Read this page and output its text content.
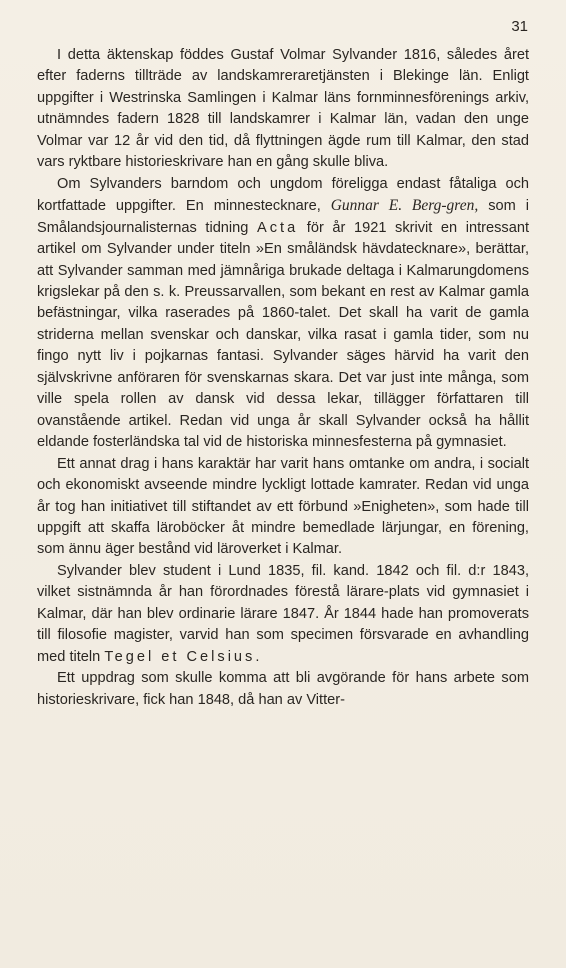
31

I detta äktenskap föddes Gustaf Volmar Sylvander 1816, således året efter faderns tillträde av landskamreraretjänsten i Blekinge län. Enligt uppgifter i Westrinska Samlingen i Kalmar läns fornminnesförenings arkiv, utnämndes fadern 1828 till landskamrer i Kalmar län, vadan den unge Volmar var 12 år vid den tid, då flyttningen ägde rum till Kalmar, den stad vars ryktbare historieskrivare han en gång skulle bliva.

Om Sylvanders barndom och ungdom föreligga endast fåtaliga och kortfattade uppgifter. En minnestecknare, Gunnar E. Berg-gren, som i Smålandsjournalisternas tidning Acta för år 1921 skrivit en intressant artikel om Sylvander under titeln »En småländsk hävdatecknare», berättar, att Sylvander samman med jämnåriga brukade deltaga i Kalmarungdomens krigslekar på den s. k. Preussarvallen, som bekant en rest av Kalmar gamla befästningar, vilka raserades på 1860-talet. Det skall ha varit de gamla striderna mellan svenskar och danskar, vilka rasat i gamla tider, som nu fingo nytt liv i pojkarnas fantasi. Sylvander säges härvid ha varit den självskrivne anföraren för svenskarnas skara. Det var just inte många, som ville spela rollen av dansk vid dessa lekar, tillägger författaren till ovanstående artikel. Redan vid unga år skall Sylvander också ha hållit eldande fosterländska tal vid de historiska minnesfesterna på gymnasiet.

Ett annat drag i hans karaktär har varit hans omtanke om andra, i socialt och ekonomiskt avseende mindre lyckligt lottade kamrater. Redan vid unga år tog han initiativet till stiftandet av ett förbund »Enigheten», som hade till uppgift att skaffa läroböcker åt mindre bemedlade lärjungar, en förening, som ännu äger bestånd vid läroverket i Kalmar.

Sylvander blev student i Lund 1835, fil. kand. 1842 och fil. d:r 1843, vilket sistnämnda år han förordnades förestå lärare-plats vid gymnasiet i Kalmar, där han blev ordinarie lärare 1847. År 1844 hade han promoverats till filosofie magister, varvid han som specimen försvarade en avhandling med titeln Tegel et Celsius.

Ett uppdrag som skulle komma att bli avgörande för hans arbete som historieskrivare, fick han 1848, då han av Vitter-
